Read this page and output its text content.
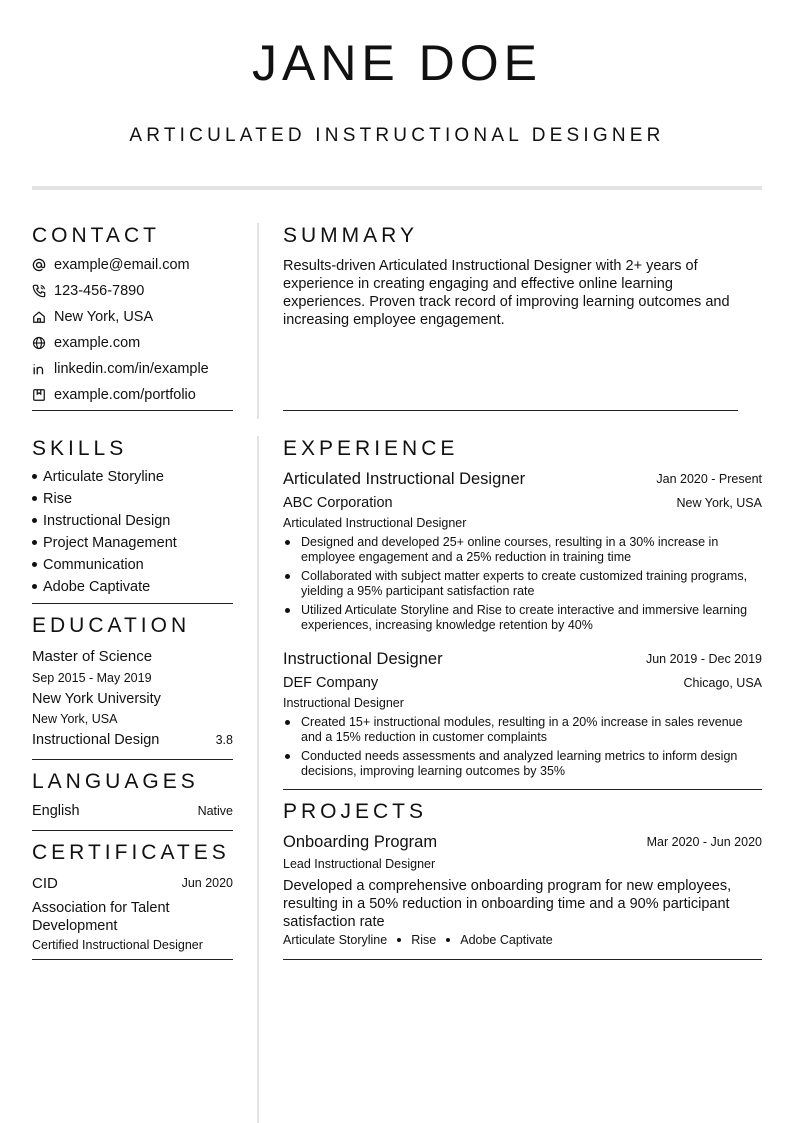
JANE DOE
ARTICULATED INSTRUCTIONAL DESIGNER
CONTACT
example@email.com
123-456-7890
New York, USA
example.com
linkedin.com/in/example
example.com/portfolio
SKILLS
Articulate Storyline
Rise
Instructional Design
Project Management
Communication
Adobe Captivate
EDUCATION
Master of Science
Sep 2015 - May 2019
New York University
New York, USA
Instructional Design	3.8
LANGUAGES
English	Native
CERTIFICATES
CID	Jun 2020
Association for Talent Development
Certified Instructional Designer
SUMMARY
Results-driven Articulated Instructional Designer with 2+ years of experience in creating engaging and effective online learning experiences. Proven track record of improving learning outcomes and increasing employee engagement.
EXPERIENCE
Articulated Instructional Designer	Jan 2020 - Present
ABC Corporation	New York, USA
Articulated Instructional Designer
Designed and developed 25+ online courses, resulting in a 30% increase in employee engagement and a 25% reduction in training time
Collaborated with subject matter experts to create customized training programs, yielding a 95% participant satisfaction rate
Utilized Articulate Storyline and Rise to create interactive and immersive learning experiences, increasing knowledge retention by 40%
Instructional Designer	Jun 2019 - Dec 2019
DEF Company	Chicago, USA
Instructional Designer
Created 15+ instructional modules, resulting in a 20% increase in sales revenue and a 15% reduction in customer complaints
Conducted needs assessments and analyzed learning metrics to inform design decisions, improving learning outcomes by 35%
PROJECTS
Onboarding Program	Mar 2020 - Jun 2020
Lead Instructional Designer
Developed a comprehensive onboarding program for new employees, resulting in a 50% reduction in onboarding time and a 90% participant satisfaction rate
Articulate Storyline Rise Adobe Captivate
